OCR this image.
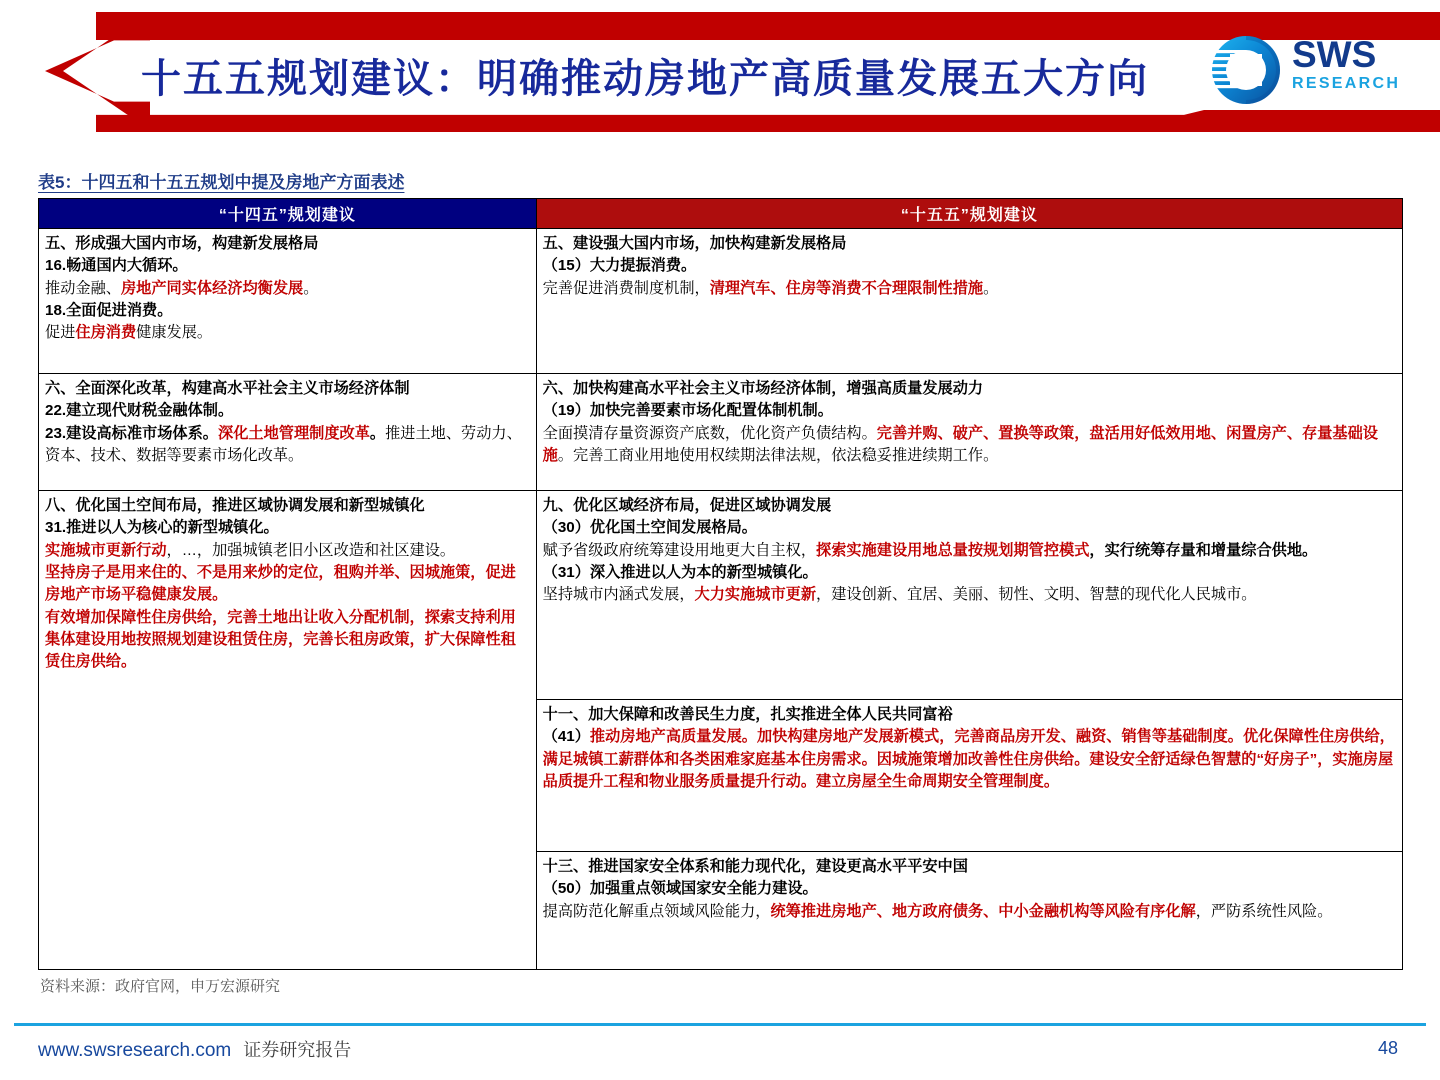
十五五规划建议：明确推动房地产高质量发展五大方向
SWS
RESEARCH
表5：十四五和十五五规划中提及房地产方面表述
“十四五”规划建议

五、形成强大国内市场，构建新发展格局

16.畅通国内大循环。

推动金融、房地产同实体经济均衡发展。

18.全面促进消费。

促进住房消费健康发展。

六、全面深化改革，构建高水平社会主义市场经济体制

22.建立现代财税金融体制。

23.建设高标准市场体系。深化土地管理制度改革。推进土地、劳动力、资本、技术、数据等要素市场化改革。

八、优化国土空间布局，推进区域协调发展和新型城镇化

31.推进以人为核心的新型城镇化。

实施城市更新行动，…，加强城镇老旧小区改造和社区建设。

坚持房子是用来住的、不是用来炒的定位，租购并举、因城施策，促进房地产市场平稳健康发展。

有效增加保障性住房供给，完善土地出让收入分配机制，探索支持利用集体建设用地按照规划建设租赁住房，完善长租房政策，扩大保障性租赁住房供给。

“十五五”规划建议

五、建设强大国内市场，加快构建新发展格局

（15）大力提振消费。

完善促进消费制度机制，清理汽车、住房等消费不合理限制性措施。

六、加快构建高水平社会主义市场经济体制，增强高质量发展动力

（19）加快完善要素市场化配置体制机制。

全面摸清存量资源资产底数，优化资产负债结构。完善并购、破产、置换等政策，盘活用好低效用地、闲置房产、存量基础设施。完善工商业用地使用权续期法律法规，依法稳妥推进续期工作。

九、优化区域经济布局，促进区域协调发展

（30）优化国土空间发展格局。

赋予省级政府统筹建设用地更大自主权，探索实施建设用地总量按规划期管控模式，实行统筹存量和增量综合供地。

（31）深入推进以人为本的新型城镇化。

坚持城市内涵式发展，大力实施城市更新，建设创新、宜居、美丽、韧性、文明、智慧的现代化人民城市。

十一、加大保障和改善民生力度，扎实推进全体人民共同富裕

（41）推动房地产高质量发展。加快构建房地产发展新模式，完善商品房开发、融资、销售等基础制度。优化保障性住房供给，满足城镇工薪群体和各类困难家庭基本住房需求。因城施策增加改善性住房供给。建设安全舒适绿色智慧的“好房子”，实施房屋品质提升工程和物业服务质量提升行动。建立房屋全生命周期安全管理制度。

十三、推进国家安全体系和能力现代化，建设更高水平平安中国

（50）加强重点领域国家安全能力建设。

提高防范化解重点领域风险能力，统筹推进房地产、地方政府债务、中小金融机构等风险有序化解，严防系统性风险。

资料来源：政府官网，申万宏源研究
www.swsresearch.com 证券研究报告	48
